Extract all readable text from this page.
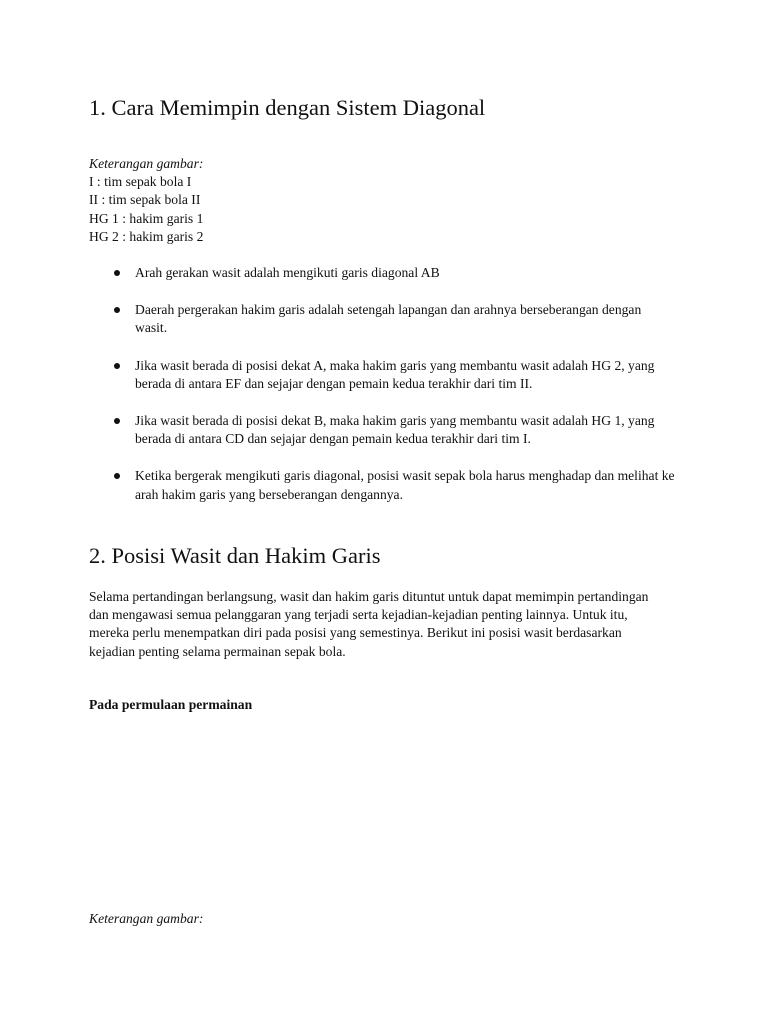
1. Cara Memimpin dengan Sistem Diagonal
Keterangan gambar:
I : tim sepak bola I
II : tim sepak bola II
HG 1 : hakim garis 1
HG 2 : hakim garis 2
Arah gerakan wasit adalah mengikuti garis diagonal AB
Daerah pergerakan hakim garis adalah setengah lapangan dan arahnya berseberangan dengan wasit.
Jika wasit berada di posisi dekat A, maka hakim garis yang membantu wasit adalah HG 2, yang berada di antara EF dan sejajar dengan pemain kedua terakhir dari tim II.
Jika wasit berada di posisi dekat B, maka hakim garis yang membantu wasit adalah HG 1, yang berada di antara CD dan sejajar dengan pemain kedua terakhir dari tim I.
Ketika bergerak mengikuti garis diagonal, posisi wasit sepak bola harus menghadap dan melihat ke arah hakim garis yang berseberangan dengannya.
2. Posisi Wasit dan Hakim Garis

Selama pertandingan berlangsung, wasit dan hakim garis dituntut untuk dapat memimpin pertandingan dan mengawasi semua pelanggaran yang terjadi serta kejadian-kejadian penting lainnya. Untuk itu, mereka perlu menempatkan diri pada posisi yang semestinya. Berikut ini posisi wasit berdasarkan kejadian penting selama permainan sepak bola.

Pada permulaan permainan

Keterangan gambar:
